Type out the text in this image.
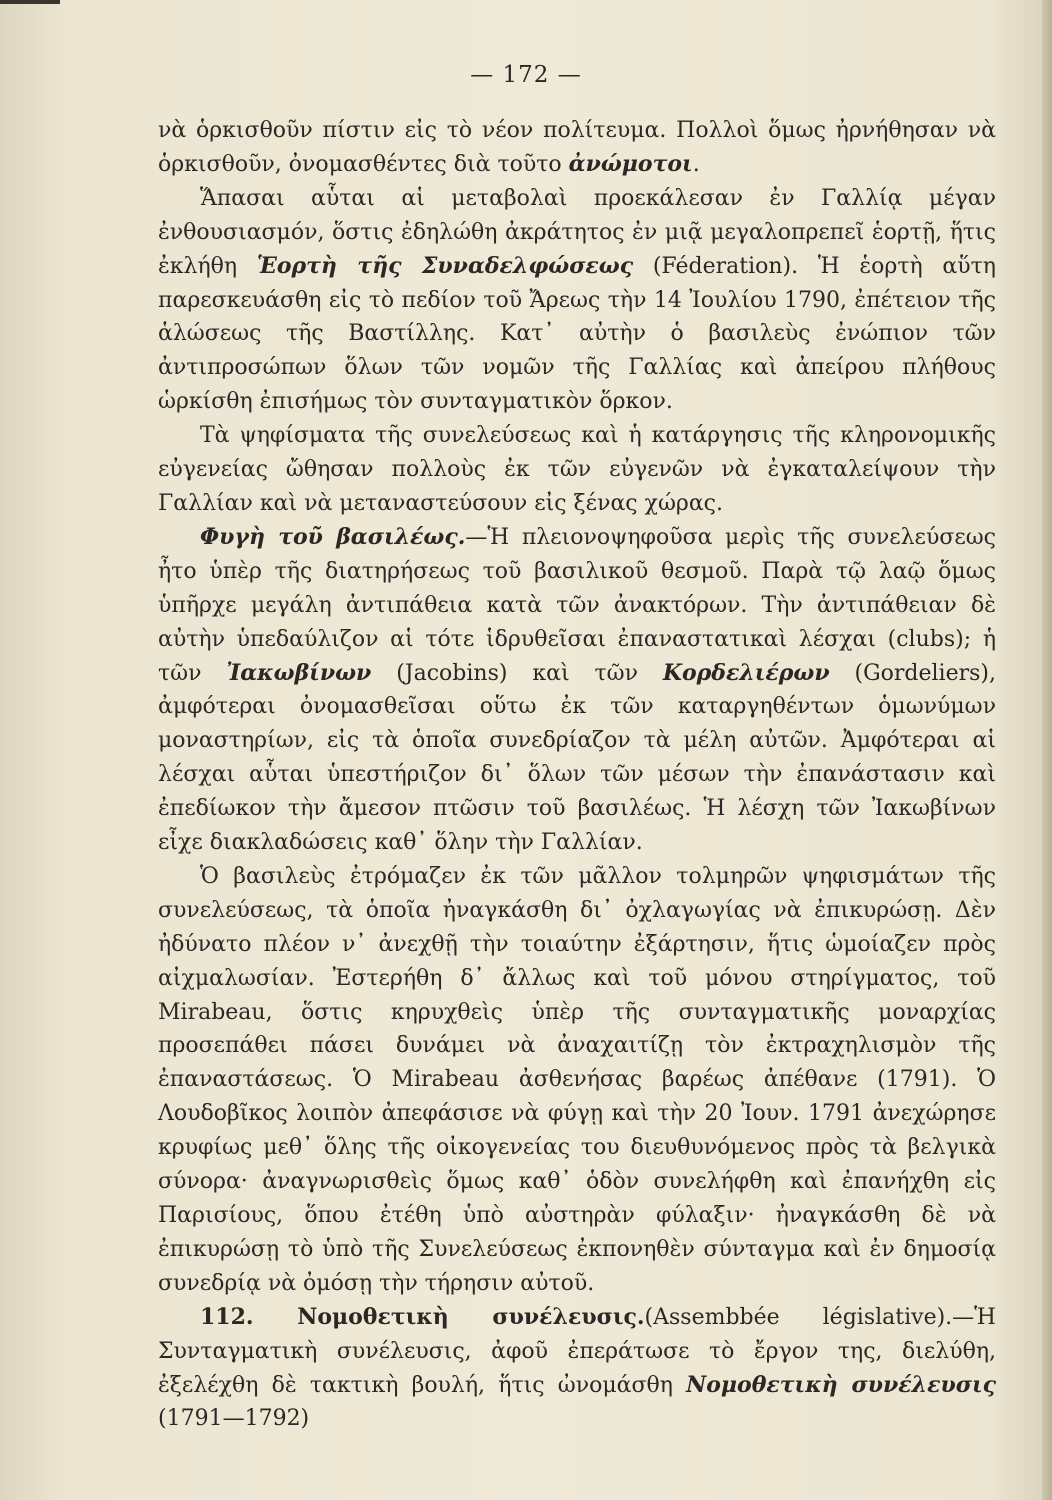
— 172 —

νὰ ὁρκισθοῦν πίστιν εἰς τὸ νέον πολίτευμα. Πολλοὶ ὅμως ἠρνήθησαν νὰ ὁρκισθοῦν, ὀνομασθέντες διὰ τοῦτο ἀνώμοτοι.

Ἅπασαι αὗται αἱ μεταβολαὶ προεκάλεσαν ἐν Γαλλίᾳ μέγαν ἐνθουσιασμόν, ὅστις ἐδηλώθη ἀκράτητος ἐν μιᾷ μεγαλοπρεπεῖ ἑορτῇ, ἥτις ἐκλήθη Ἑορτὴ τῆς Συναδελφώσεως (Féderation). Ἡ ἑορτὴ αὕτη παρεσκευάσθη εἰς τὸ πεδίον τοῦ Ἄρεως τὴν 14 Ἰουλίου 1790, ἐπέτειον τῆς ἁλώσεως τῆς Βαστίλλης. Κατ᾽ αὐτὴν ὁ βασιλεὺς ἐνώπιον τῶν ἀντιπροσώπων ὅλων τῶν νομῶν τῆς Γαλλίας καὶ ἀπείρου πλήθους ὡρκίσθη ἐπισήμως τὸν συνταγματικὸν ὅρκον.

Τὰ ψηφίσματα τῆς συνελεύσεως καὶ ἡ κατάργησις τῆς κληρονομικῆς εὐγενείας ὤθησαν πολλοὺς ἐκ τῶν εὐγενῶν νὰ ἐγκαταλείψουν τὴν Γαλλίαν καὶ νὰ μεταναστεύσουν εἰς ξένας χώρας.

Φυγὴ τοῦ βασιλέως.—Ἡ πλειονοψηφοῦσα μερὶς τῆς συνελεύσεως ἦτο ὑπὲρ τῆς διατηρήσεως τοῦ βασιλικοῦ θεσμοῦ. Παρὰ τῷ λαῷ ὅμως ὑπῆρχε μεγάλη ἀντιπάθεια κατὰ τῶν ἀνακτόρων. Τὴν ἀντιπάθειαν δὲ αὐτὴν ὑπεδαύλιζον αἱ τότε ἱδρυθεῖσαι ἐπαναστατικαὶ λέσχαι (clubs); ἡ τῶν Ἰακωβίνων (Jacobins) καὶ τῶν Κορδελιέρων (Gordeliers), ἀμφότεραι ὀνομασθεῖσαι οὕτω ἐκ τῶν καταργηθέντων ὁμωνύμων μοναστηρίων, εἰς τὰ ὁποῖα συνεδρίαζον τὰ μέλη αὐτῶν. Ἀμφότεραι αἱ λέσχαι αὗται ὑπεστήριζον δι᾽ ὅλων τῶν μέσων τὴν ἐπανάστασιν καὶ ἐπεδίωκον τὴν ἄμεσον πτῶσιν τοῦ βασιλέως. Ἡ λέσχη τῶν Ἰακωβίνων εἶχε διακλαδώσεις καθ᾽ ὅλην τὴν Γαλλίαν.

Ὁ βασιλεὺς ἐτρόμαζεν ἐκ τῶν μᾶλλον τολμηρῶν ψηφισμάτων τῆς συνελεύσεως, τὰ ὁποῖα ἠναγκάσθη δι᾽ ὀχλαγωγίας νὰ ἐπικυρώσῃ. Δὲν ἠδύνατο πλέον ν᾽ ἀνεχθῇ τὴν τοιαύτην ἐξάρτησιν, ἥτις ὡμοίαζεν πρὸς αἰχμαλωσίαν. Ἐστερήθη δ᾽ ἄλλως καὶ τοῦ μόνου στηρίγματος, τοῦ Mirabeau, ὅστις κηρυχθεὶς ὑπὲρ τῆς συνταγματικῆς μοναρχίας προσεπάθει πάσει δυνάμει νὰ ἀναχαιτίζῃ τὸν ἐκτραχηλισμὸν τῆς ἐπαναστάσεως. Ὁ Mirabeau ἀσθενήσας βαρέως ἀπέθανε (1791). Ὁ Λουδοβῖκος λοιπὸν ἀπεφάσισε νὰ φύγῃ καὶ τὴν 20 Ἰουν. 1791 ἀνεχώρησε κρυφίως μεθ᾽ ὅλης τῆς οἰκογενείας του διευθυνόμενος πρὸς τὰ βελγικὰ σύνορα· ἀναγνωρισθεὶς ὅμως καθ᾽ ὁδὸν συνελήφθη καὶ ἐπανήχθη εἰς Παρισίους, ὅπου ἐτέθη ὑπὸ αὐστηρὰν φύλαξιν· ἠναγκάσθη δὲ νὰ ἐπικυρώσῃ τὸ ὑπὸ τῆς Συνελεύσεως ἐκπονηθὲν σύνταγμα καὶ ἐν δημοσίᾳ συνεδρίᾳ νὰ ὀμόσῃ τὴν τήρησιν αὐτοῦ.

112. Νομοθετικὴ συνέλευσις.(Assembbée législative).—Ἡ Συνταγματικὴ συνέλευσις, ἀφοῦ ἐπεράτωσε τὸ ἔργον της, διελύθη, ἐξελέχθη δὲ τακτικὴ βουλή, ἥτις ὠνομάσθη Νομοθετικὴ συνέλευσις (1791—1792)
